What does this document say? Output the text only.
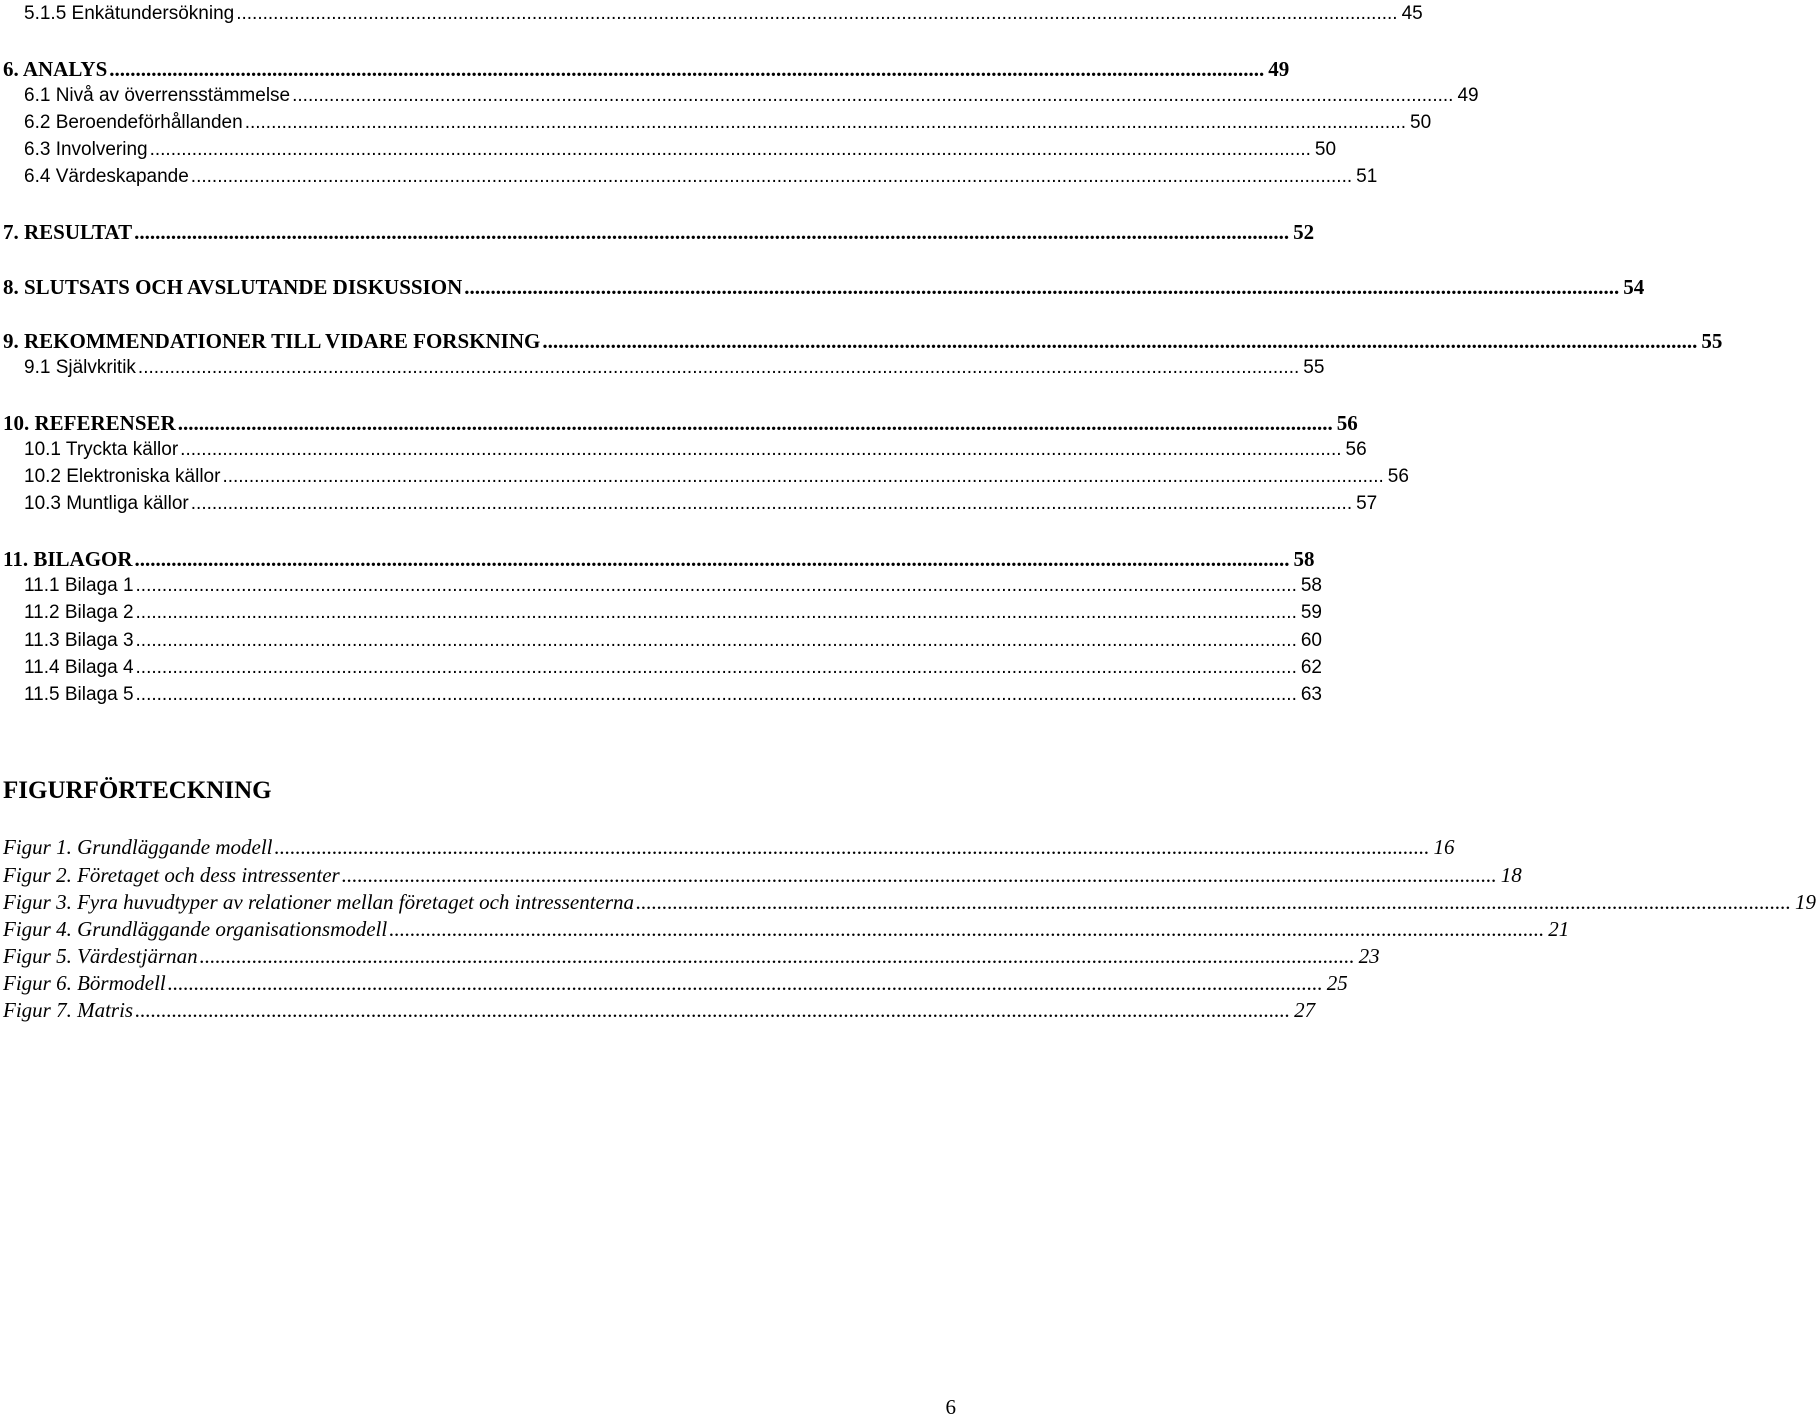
5.1.5 Enkätundersökning ............................................................................................................................................................................................................................ 45
6. ANALYS ............................................................................................................................................................................................................................ 49
6.1 Nivå av överrensstämmelse ............................................................................................................................................................................................................................ 49
6.2 Beroendeförhållanden ............................................................................................................................................................................................................................ 50
6.3 Involvering ............................................................................................................................................................................................................................ 50
6.4 Värdeskapande ............................................................................................................................................................................................................................ 51
7. RESULTAT ............................................................................................................................................................................................................................ 52
8. SLUTSATS OCH AVSLUTANDE DISKUSSION ............................................................................................................................................................................................................................ 54
9. REKOMMENDATIONER TILL VIDARE FORSKNING ............................................................................................................................................................................................................................ 55
9.1 Självkritik ............................................................................................................................................................................................................................ 55
10. REFERENSER ............................................................................................................................................................................................................................ 56
10.1 Tryckta källor ............................................................................................................................................................................................................................ 56
10.2 Elektroniska källor ............................................................................................................................................................................................................................ 56
10.3 Muntliga källor ............................................................................................................................................................................................................................ 57
11. BILAGOR ............................................................................................................................................................................................................................ 58
11.1 Bilaga 1 ............................................................................................................................................................................................................................ 58
11.2 Bilaga 2 ............................................................................................................................................................................................................................ 59
11.3 Bilaga 3 ............................................................................................................................................................................................................................ 60
11.4 Bilaga 4 ............................................................................................................................................................................................................................ 62
11.5 Bilaga 5 ............................................................................................................................................................................................................................ 63
FIGURFÖRTECKNING
Figur 1. Grundläggande modell ............................................................................................................................................................................................................................ 16
Figur 2. Företaget och dess intressenter ............................................................................................................................................................................................................................ 18
Figur 3. Fyra huvudtyper av relationer mellan företaget och intressenterna ............................................................................................................................................................................................................................ 19
Figur 4. Grundläggande organisationsmodell ............................................................................................................................................................................................................................ 21
Figur 5. Värdestjärnan ............................................................................................................................................................................................................................ 23
Figur 6. Börmodell ............................................................................................................................................................................................................................ 25
Figur 7. Matris ............................................................................................................................................................................................................................ 27
6
